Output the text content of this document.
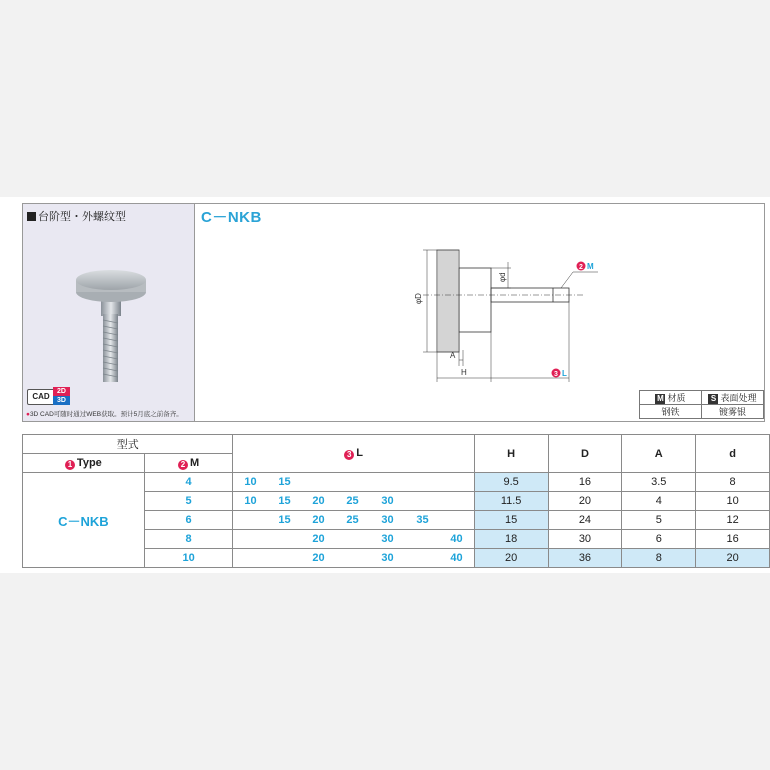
台阶型・外螺纹型
CAD
2D
3D
●3D CAD可随时通过WEB获取。预计5月底之前备齐。
C－NKB
φD
φd
A
H	3 L
2 M
M 材质	S 表面处理
钢铁	镀雾银
型式		3 L	H	D	A	d
1 Type	2 M					
C－NKB	4	10 15	9.5	16	3.5	8
	5	10 15 20 25 30	11.5	20	4	10
	6	15 20 25 30 35	15	24	5	12
	8	20 30 40	18	30	6	16
	10	20 30 40	20	36	8	20
